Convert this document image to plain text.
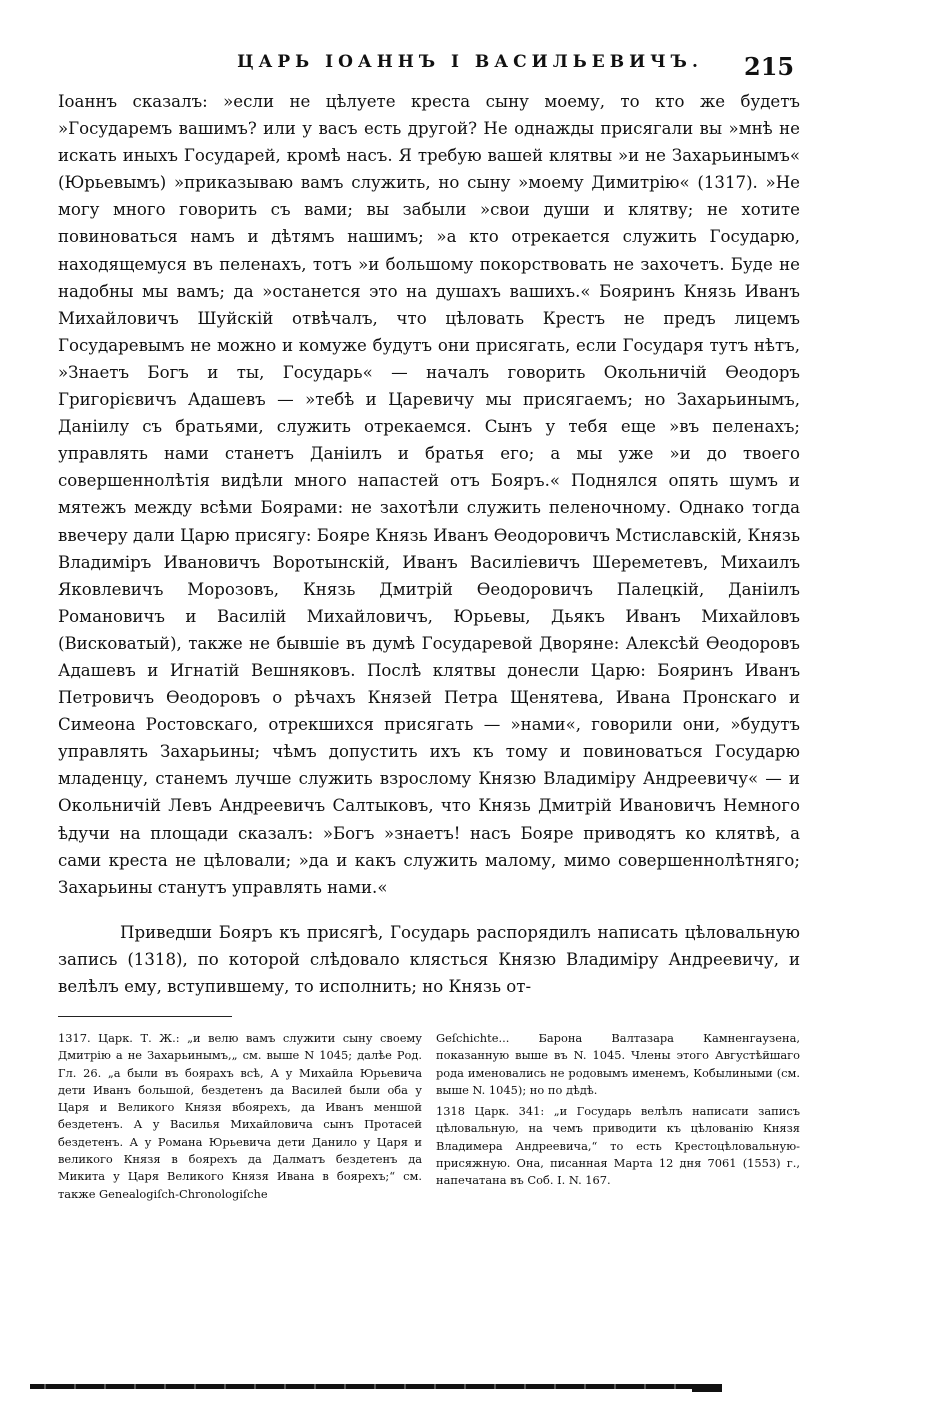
ЦАРЬ ІОАННЪ І ВАСИЛЬЕВИЧЪ.	215

Іоаннъ сказалъ: »если не цѣлуете креста сыну моему, то кто же будетъ »Государемъ вашимъ? или у васъ есть другой? Не однажды присягали вы »мнѣ не искать иныхъ Государей, кромѣ насъ. Я требую вашей клятвы »и не Захарьинымъ« (Юрьевымъ) »приказываю вамъ служить, но сыну »моему Димитрію« (1317). »Не могу много говорить съ вами; вы забыли »свои души и клятву; не хотите повиноваться намъ и дѣтямъ нашимъ; »а кто отрекается служить Государю, находящемуся въ пеленахъ, тотъ »и большому покорствовать не захочетъ. Буде не надобны мы вамъ; да »останется это на душахъ вашихъ.« Бояринъ Князь Иванъ Михайловичъ Шуйскій отвѣчалъ, что цѣловать Крестъ не предъ лицемъ Государевымъ не можно и комуже будутъ они присягать, если Государя тутъ нѣтъ, »Знаетъ Богъ и ты, Государь« — началъ говорить Окольничій Ѳеодоръ Григорієвичъ Адашевъ — »тебѣ и Царевичу мы присягаемъ; но Захарьинымъ, Даніилу съ братьями, служить отрекаемся. Сынъ у тебя еще »въ пеленахъ; управлять нами станетъ Даніилъ и братья его; а мы уже »и до твоего совершеннолѣтія видѣли много напастей отъ Бояръ.« Поднялся опять шумъ и мятежъ между всѣми Боярами: не захотѣли служить пеленочному. Однако тогда ввечеру дали Царю присягу: Бояре Князь Иванъ Ѳеодоровичъ Мстиславскій, Князь Владиміръ Ивановичъ Воротынскій, Иванъ Василіевичъ Шереметевъ, Михаилъ Яковлевичъ Морозовъ, Князь Дмитрій Ѳеодоровичъ Палецкій, Даніилъ Романовичъ и Василій Михайловичъ, Юрьевы, Дьякъ Иванъ Михайловъ (Висковатый), также не бывшіе въ думѣ Государевой Дворяне: Алексѣй Ѳеодоровъ Адашевъ и Игнатій Вешняковъ. Послѣ клятвы донесли Царю: Бояринъ Иванъ Петровичъ Ѳеодоровъ о рѣчахъ Князей Петра Щенятева, Ивана Пронскаго и Симеона Ростовскаго, отрекшихся присягать — »нами«, говорили они, »будутъ управлять Захарьины; чѣмъ допустить ихъ къ тому и повиноваться Государю младенцу, станемъ лучше служить взрослому Князю Владиміру Андреевичу« — и Окольничій Левъ Андреевичъ Салтыковъ, что Князь Дмитрій Ивановичъ Немного ѣдучи на площади сказалъ: »Богъ »знаетъ! насъ Бояре приводятъ ко клятвѣ, а сами креста не цѣловали; »да и какъ служить малому, мимо совершеннолѣтняго; Захарьины станутъ управлять нами.«

Приведши Бояръ къ присягѣ, Государь распорядилъ написать цѣловальную запись (1318), по которой слѣдовало клясться Князю Владиміру Андреевичу, и велѣлъ ему, вступившему, то исполнить; но Князь от-

1317. Царк. Т. Ж.: „и велю вамъ служити сыну своему Дмитрію а не Захарьинымъ,„ см. выше N 1045; далѣе Род. Гл. 26. „а были въ боярахъ всѣ, А у Михайла Юрьевича дети Иванъ большой, бездетенъ да Василей были оба у Царя и Великого Князя вбоярехъ, да Иванъ меншой бездетенъ. А у Василья Михайловича сынъ Протасей бездетенъ. А у Романа Юрьевича дети Данило у Царя и великого Князя в боярехъ да Далматъ бездетенъ да Микита у Царя Великого Князя Ивана в боярехъ;“ см. также Genealogiſch-Chronologiſche

Geſchichte... Барона Валтазара Камненгаузена, показанную выше въ N. 1045. Члены этого Августѣйшаго рода именовались не родовымъ именемъ, Кобылиными (см. выше N. 1045); но по дѣдѣ.

1318 Царк. 341: „и Государь велѣлъ написати записъ цѣловальную, на чемъ приводити къ цѣлованію Князя Владимера Андреевича,“ то есть Крестоцѣловальную-присяжную. Она, писанная Марта 12 дня 7061 (1553) г., напечатана въ Соб. I. N. 167.
